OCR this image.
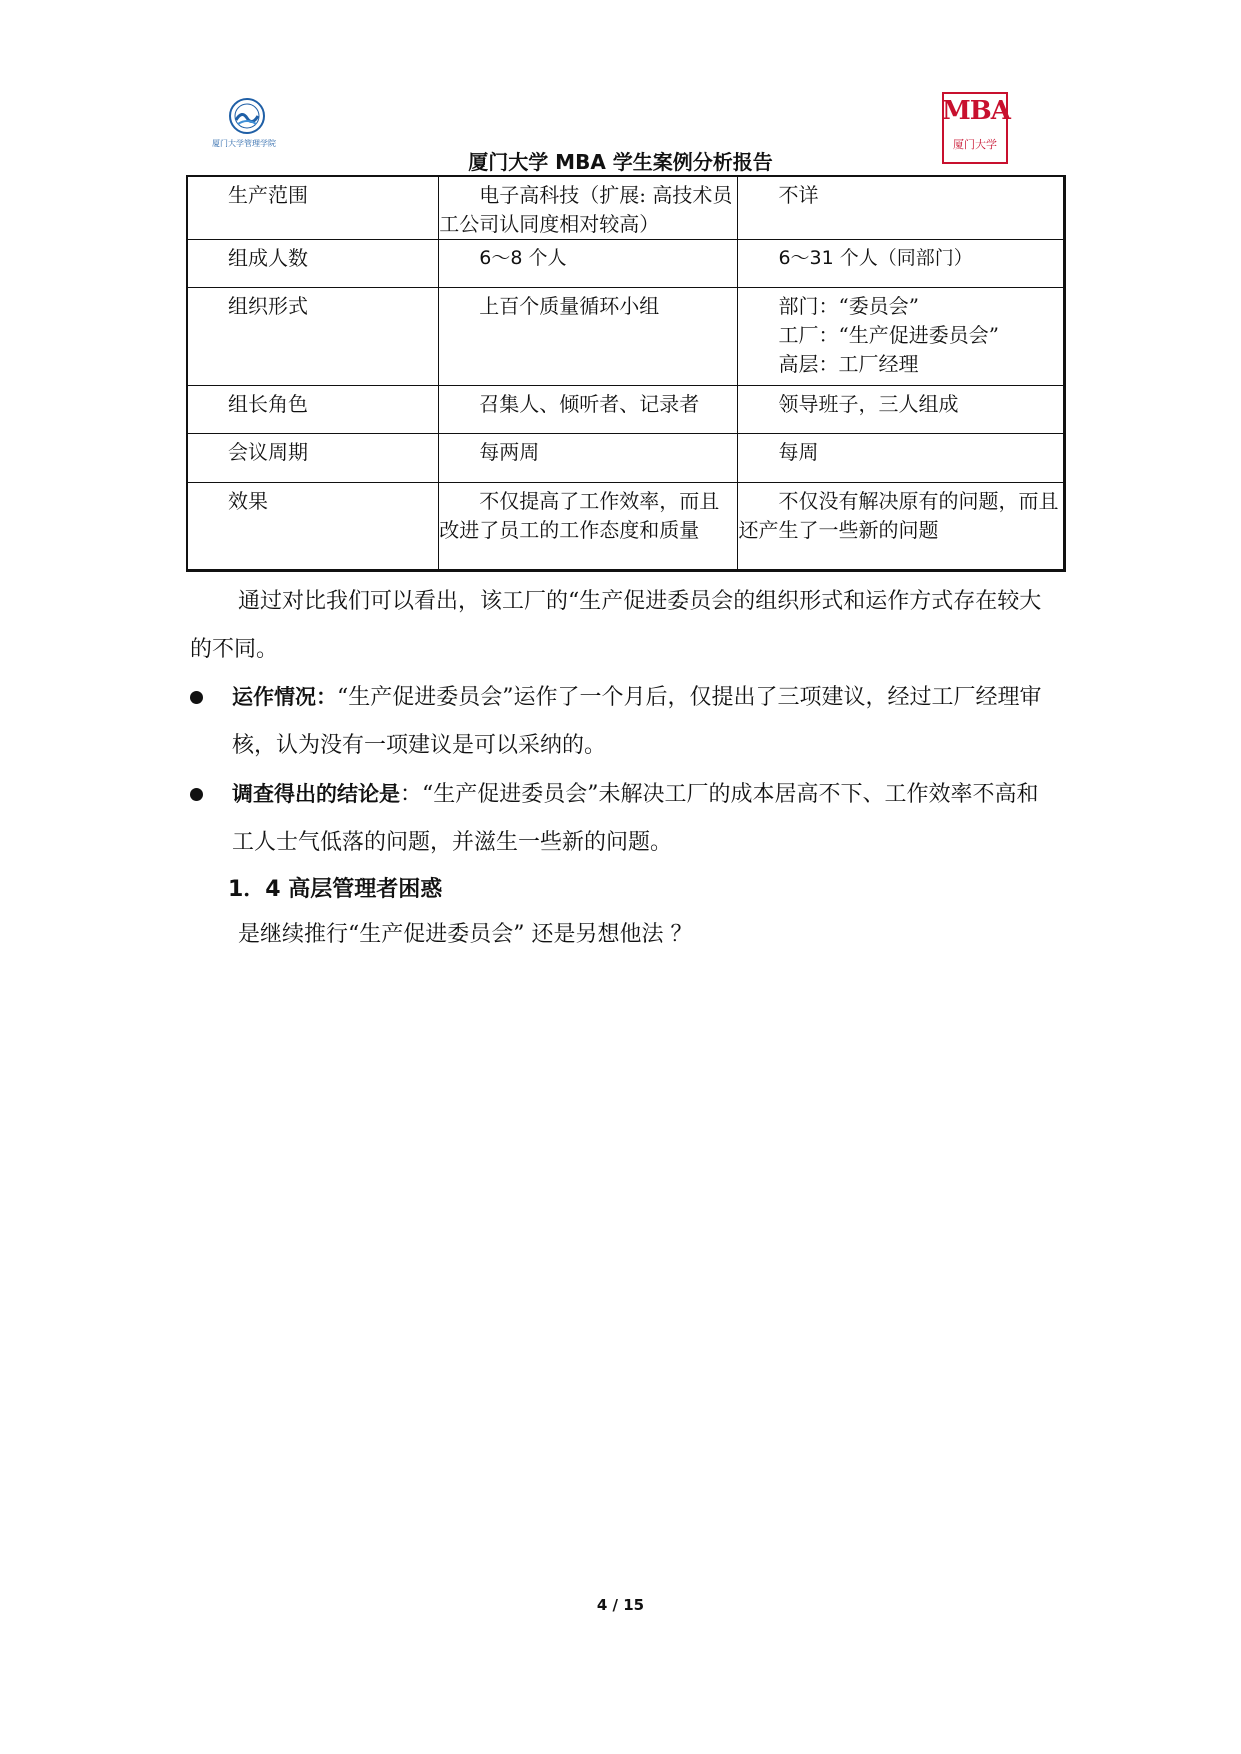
厦门大学管理学院
MBA
厦门大学
厦门大学 MBA 学生案例分析报告
生产范围	电子高科技（扩展: 高技术员工公司认同度相对较高）	不详

组成人数	6～8 个人	6～31 个人（同部门）

组织形式	上百个质量循环小组	部门：“委员会”
工厂：“生产促进委员会”
高层：工厂经理

组长角色	召集人、倾听者、记录者	领导班子，三人组成

会议周期	每两周	每周

效果	不仅提高了工作效率，而且改进了员工的工作态度和质量	不仅没有解决原有的问题，而且还产生了一些新的问题
通过对比我们可以看出，该工厂的“生产促进委员会的组织形式和运作方式存在较大的不同。
运作情况：“生产促进委员会”运作了一个月后，仅提出了三项建议，经过工厂经理审核，认为没有一项建议是可以采纳的。
调查得出的结论是：“生产促进委员会”未解决工厂的成本居高不下、工作效率不高和工人士气低落的问题，并滋生一些新的问题。
1．4 高层管理者困惑
是继续推行“生产促进委员会” 还是另想他法 ？
4 / 15
